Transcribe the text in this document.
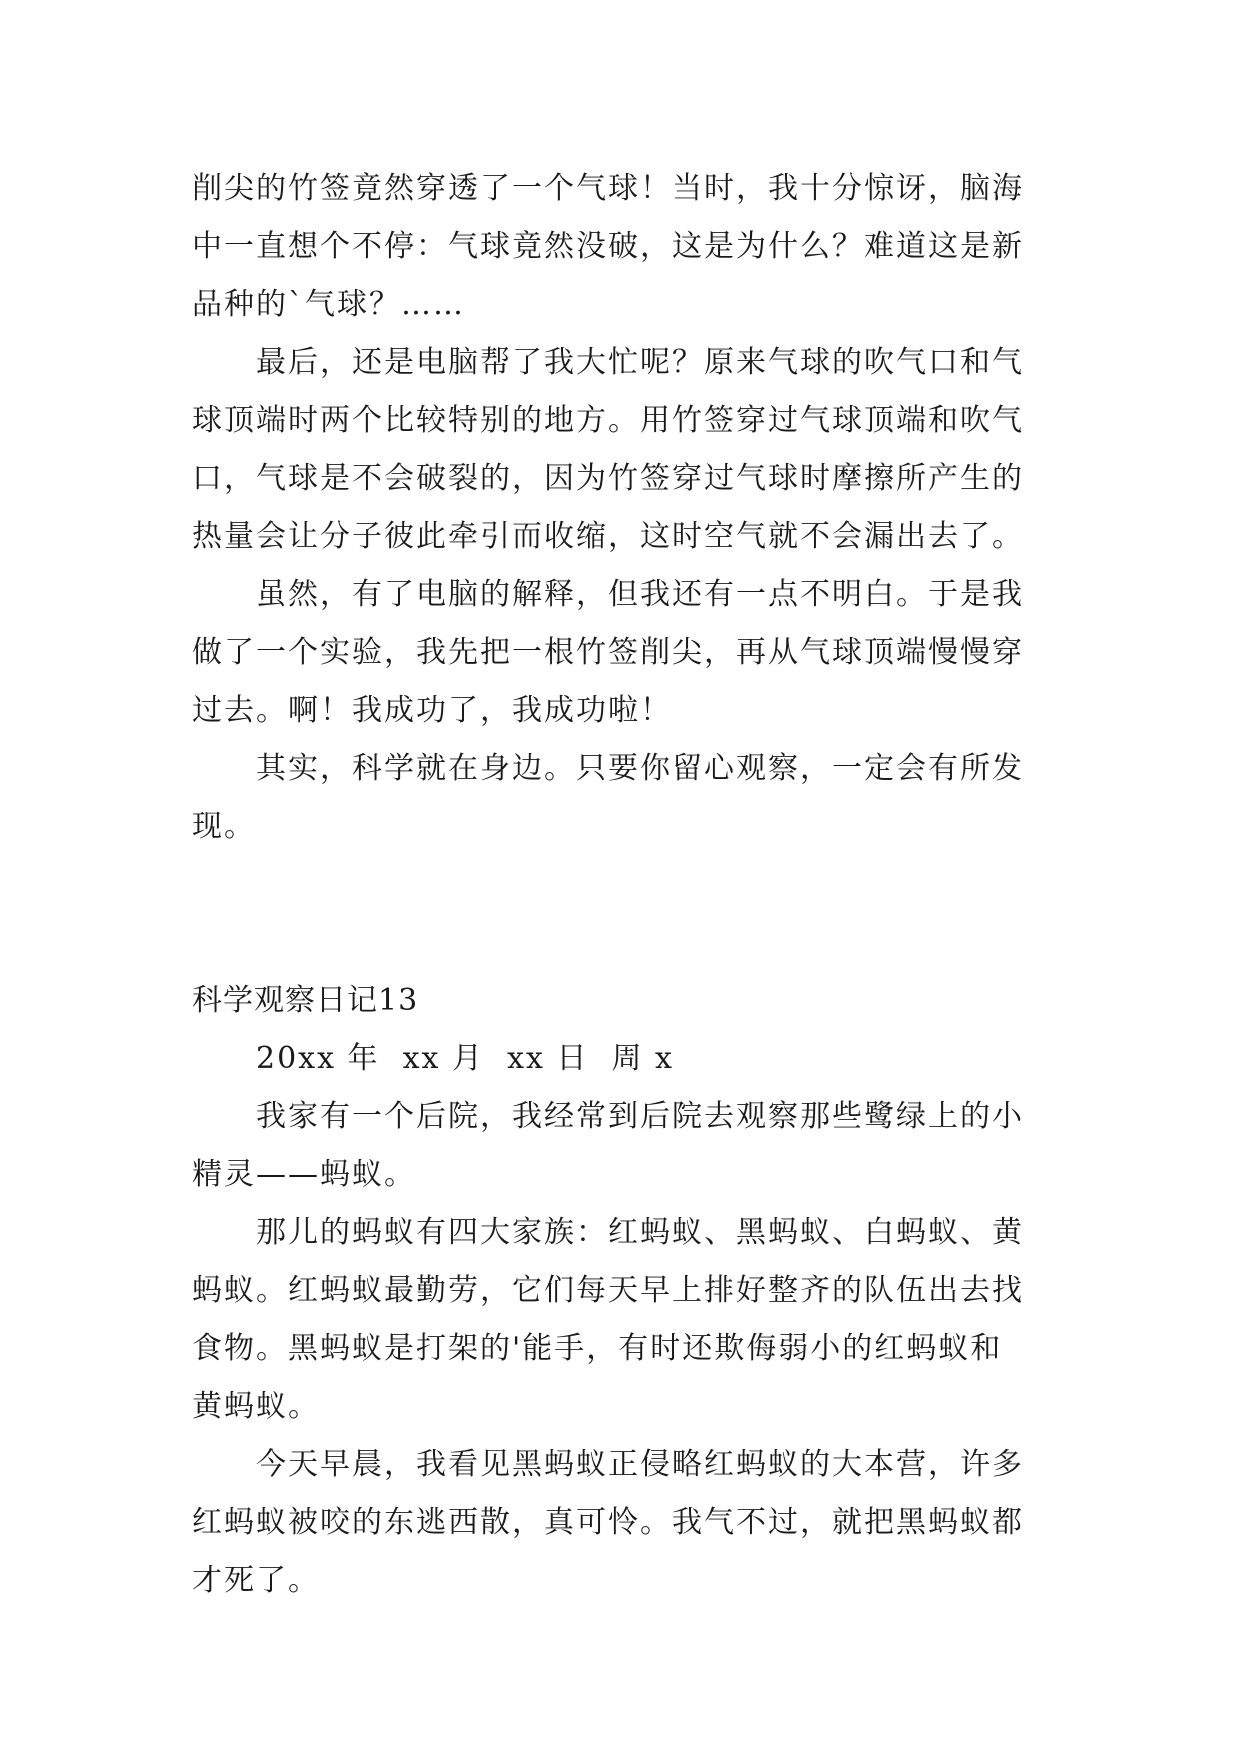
削尖的竹签竟然穿透了一个气球！当时，我十分惊讶，脑海
中一直想个不停：气球竟然没破，这是为什么？难道这是新
品种的`气球？……
最后，还是电脑帮了我大忙呢？原来气球的吹气口和气
球顶端时两个比较特别的地方。用竹签穿过气球顶端和吹气
口，气球是不会破裂的，因为竹签穿过气球时摩擦所产生的
热量会让分子彼此牵引而收缩，这时空气就不会漏出去了。
虽然，有了电脑的解释，但我还有一点不明白。于是我
做了一个实验，我先把一根竹签削尖，再从气球顶端慢慢穿
过去。啊！我成功了，我成功啦！
其实，科学就在身边。只要你留心观察，一定会有所发
现。
科学观察日记13
20xx 年  xx 月  xx 日  周 x
我家有一个后院，我经常到后院去观察那些鹭绿上的小
精灵——蚂蚁。
那儿的蚂蚁有四大家族：红蚂蚁、黑蚂蚁、白蚂蚁、黄
蚂蚁。红蚂蚁最勤劳，它们每天早上排好整齐的队伍出去找
食物。黑蚂蚁是打架的'能手，有时还欺侮弱小的红蚂蚁和
黄蚂蚁。
今天早晨，我看见黑蚂蚁正侵略红蚂蚁的大本营，许多
红蚂蚁被咬的东逃西散，真可怜。我气不过，就把黑蚂蚁都
才死了。
